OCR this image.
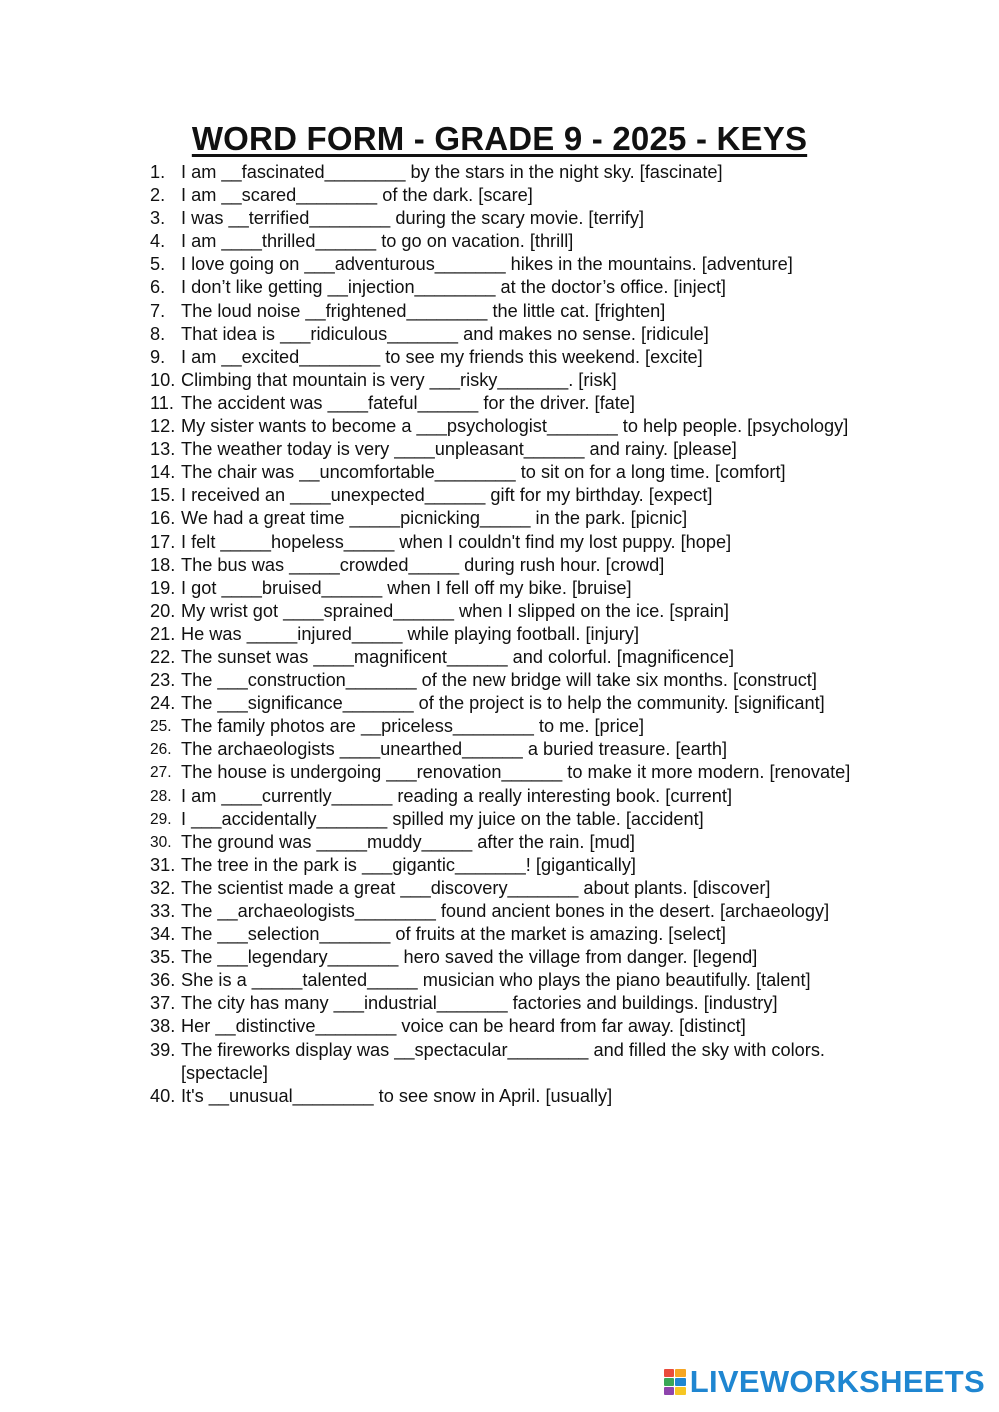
WORD FORM - GRADE 9 - 2025 - KEYS
1. I am __fascinated________ by the stars in the night sky. [fascinate]
2. I am __scared________ of the dark. [scare]
3. I was __terrified________ during the scary movie. [terrify]
4. I am ____thrilled______ to go on vacation. [thrill]
5. I love going on ___adventurous_______ hikes in the mountains. [adventure]
6. I don’t like getting __injection________ at the doctor’s office. [inject]
7. The loud noise __frightened________ the little cat. [frighten]
8. That idea is ___ridiculous_______ and makes no sense. [ridicule]
9. I am __excited________ to see my friends this weekend. [excite]
10. Climbing that mountain is very ___risky_______. [risk]
11. The accident was ____fateful______ for the driver. [fate]
12. My sister wants to become a ___psychologist_______ to help people. [psychology]
13. The weather today is very ____unpleasant______ and rainy. [please]
14. The chair was __uncomfortable________ to sit on for a long time. [comfort]
15. I received an ____unexpected______ gift for my birthday. [expect]
16. We had a great time _____picnicking_____ in the park. [picnic]
17. I felt _____hopeless_____ when I couldn't find my lost puppy. [hope]
18. The bus was _____crowded_____ during rush hour. [crowd]
19. I got ____bruised______ when I fell off my bike. [bruise]
20. My wrist got ____sprained______ when I slipped on the ice. [sprain]
21. He was _____injured_____ while playing football. [injury]
22. The sunset was ____magnificent______ and colorful. [magnificence]
23. The ___construction_______ of the new bridge will take six months. [construct]
24. The ___significance_______ of the project is to help the community. [significant]
25. The family photos are __priceless________ to me. [price]
26. The archaeologists ____unearthed______ a buried treasure. [earth]
27. The house is undergoing ___renovation______ to make it more modern. [renovate]
28. I am ____currently______ reading a really interesting book. [current]
29. I ___accidentally_______ spilled my juice on the table. [accident]
30. The ground was _____muddy_____ after the rain. [mud]
31. The tree in the park is ___gigantic_______! [gigantically]
32. The scientist made a great ___discovery_______ about plants. [discover]
33. The __archaeologists________ found ancient bones in the desert. [archaeology]
34. The ___selection_______ of fruits at the market is amazing. [select]
35. The ___legendary_______ hero saved the village from danger. [legend]
36. She is a _____talented_____ musician who plays the piano beautifully. [talent]
37. The city has many ___industrial_______ factories and buildings. [industry]
38. Her __distinctive________ voice can be heard from far away. [distinct]
39. The fireworks display was __spectacular________ and filled the sky with colors. [spectacle]
40. It's __unusual________ to see snow in April. [usually]
LIVEWORKSHEETS
